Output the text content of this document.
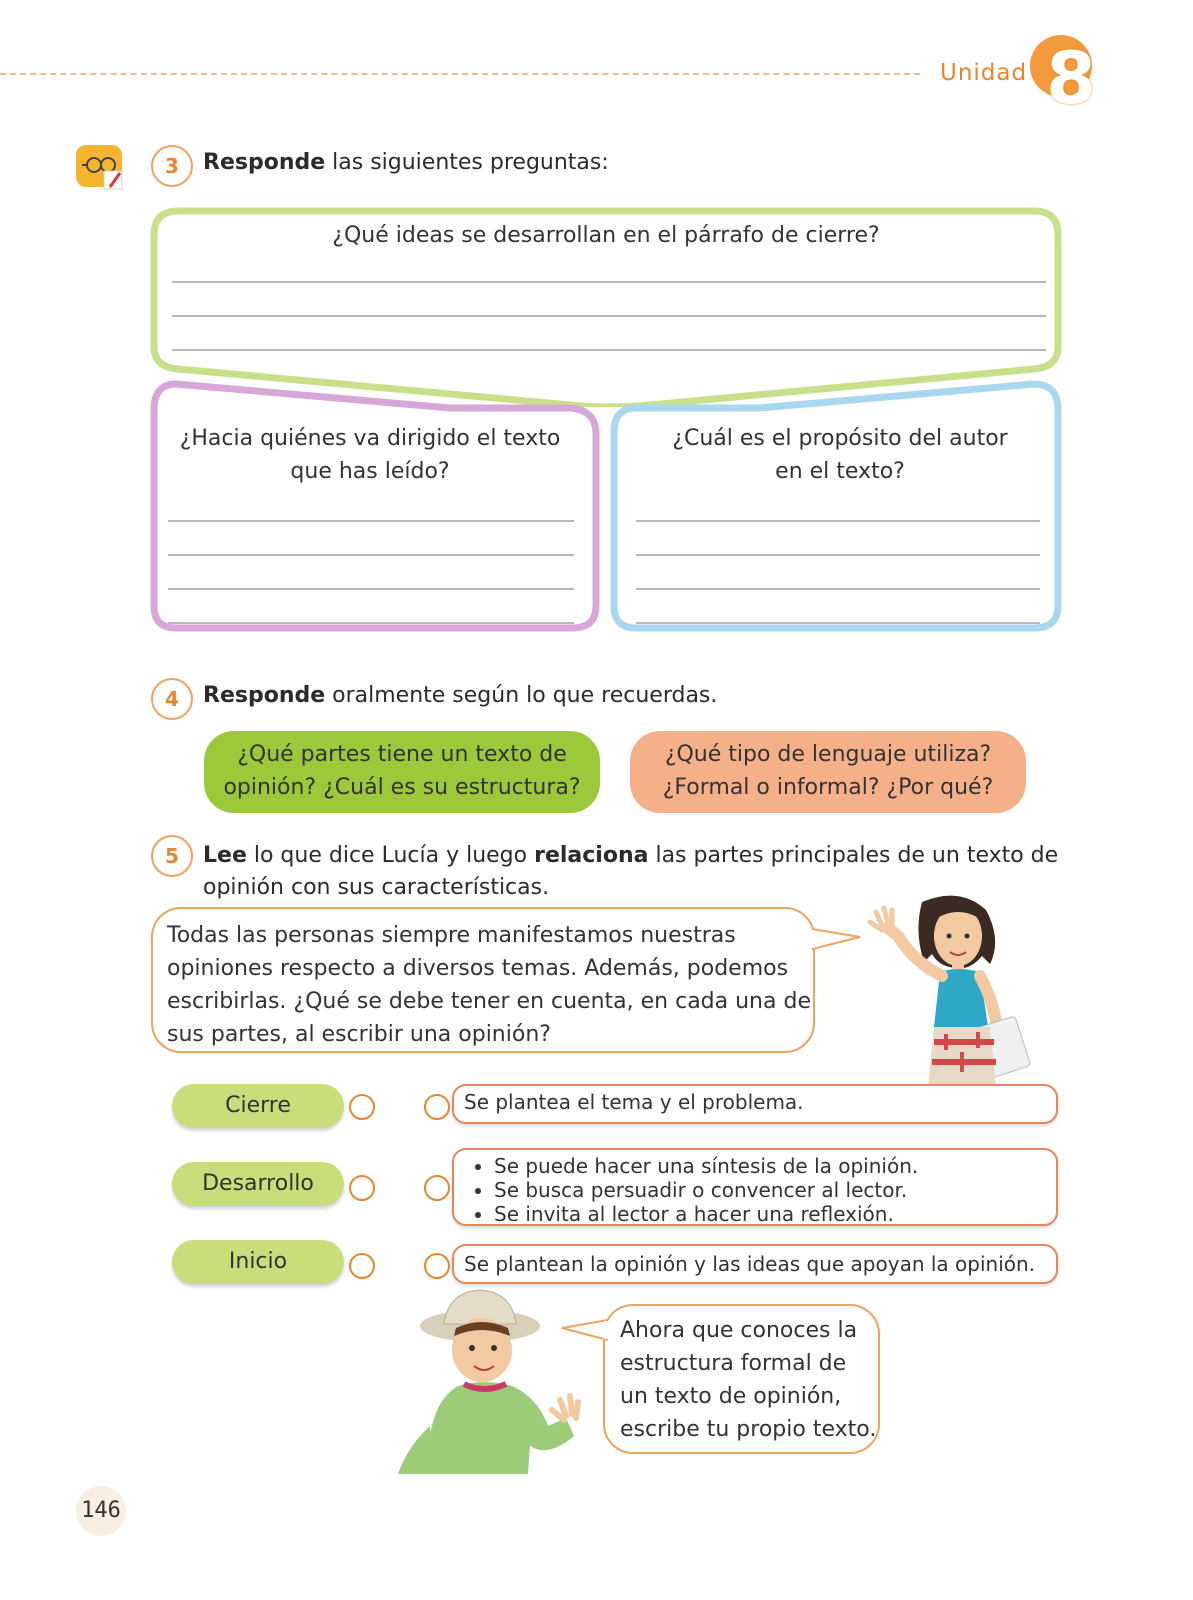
Unidad 8
3	Responde las siguientes preguntas:
¿Qué ideas se desarrollan en el párrafo de cierre?
¿Hacia quiénes va dirigido el texto
que has leído?
¿Cuál es el propósito del autor
en el texto?
4	Responde oralmente según lo que recuerdas.
¿Qué partes tiene un texto de
opinión? ¿Cuál es su estructura?
¿Qué tipo de lenguaje utiliza?
¿Formal o informal? ¿Por qué?
5	Lee lo que dice Lucía y luego relaciona las partes principales de un texto de
opinión con sus características.
Todas las personas siempre manifestamos nuestras
opiniones respecto a diversos temas. Además, podemos
escribirlas. ¿Qué se debe tener en cuenta, en cada una de
sus partes, al escribir una opinión?
Cierre
Desarrollo
Inicio
Se plantea el tema y el problema.
• Se puede hacer una síntesis de la opinión.
• Se busca persuadir o convencer al lector.
• Se invita al lector a hacer una reflexión.
Se plantean la opinión y las ideas que apoyan la opinión.
Ahora que conoces la
estructura formal de
un texto de opinión,
escribe tu propio texto.
146
